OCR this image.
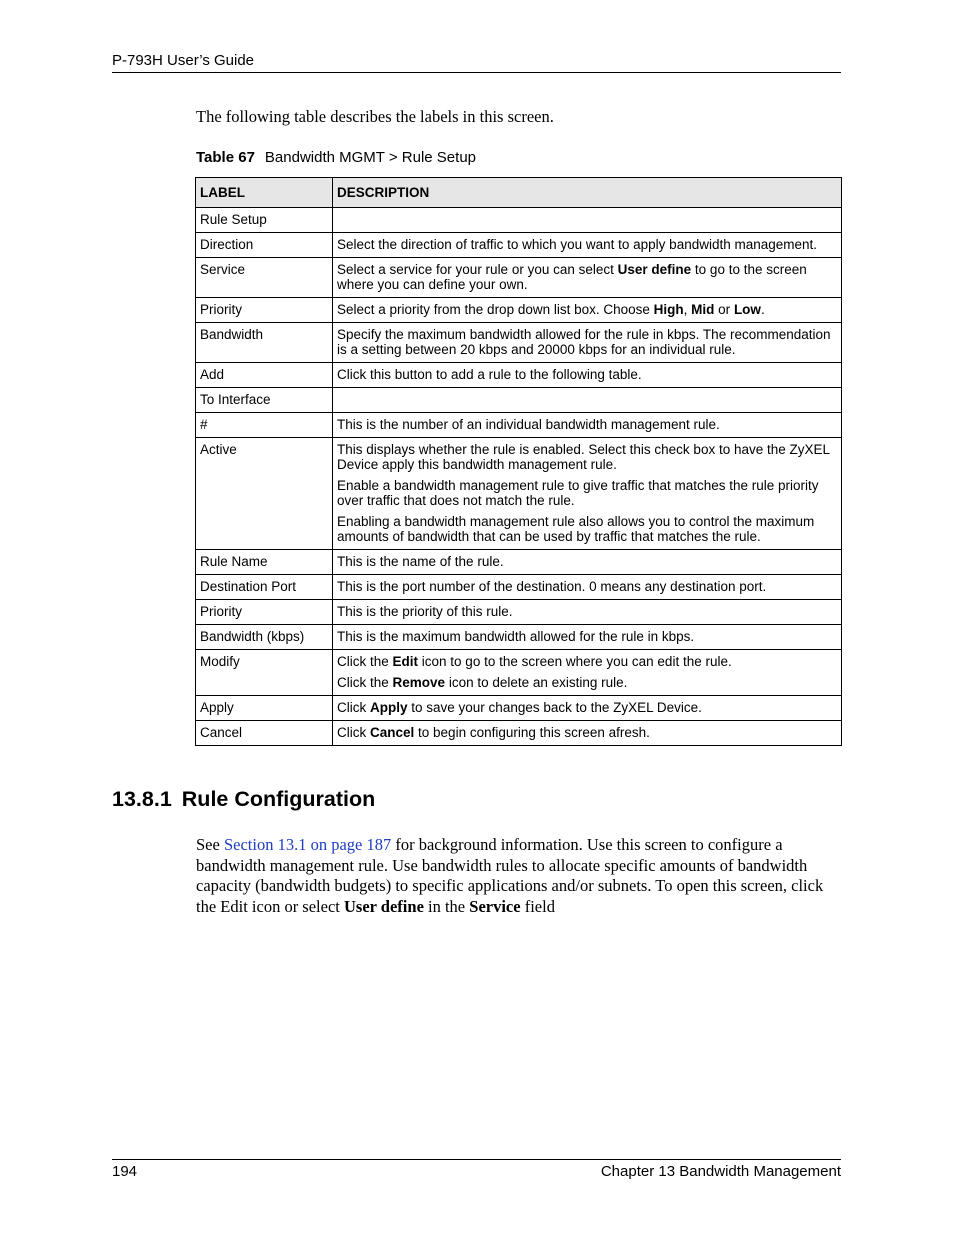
P-793H User’s Guide
The following table describes the labels in this screen.
Table 67 Bandwidth MGMT > Rule Setup
LABEL	DESCRIPTION
Rule Setup	

Direction	Select the direction of traffic to which you want to apply bandwidth management.

Service	Select a service for your rule or you can select User define to go to the screen where you can define your own.

Priority	Select a priority from the drop down list box. Choose High, Mid or Low.

Bandwidth	Specify the maximum bandwidth allowed for the rule in kbps. The recommendation is a setting between 20 kbps and 20000 kbps for an individual rule.

Add	Click this button to add a rule to the following table.

To Interface	

#	This is the number of an individual bandwidth management rule.

Active	This displays whether the rule is enabled. Select this check box to have the ZyXEL Device apply this bandwidth management rule.

Enable a bandwidth management rule to give traffic that matches the rule priority over traffic that does not match the rule.

Enabling a bandwidth management rule also allows you to control the maximum amounts of bandwidth that can be used by traffic that matches the rule.

Rule Name	This is the name of the rule.

Destination Port	This is the port number of the destination. 0 means any destination port.

Priority	This is the priority of this rule.

Bandwidth (kbps)	This is the maximum bandwidth allowed for the rule in kbps.

Modify	Click the Edit icon to go to the screen where you can edit the rule.

Click the Remove icon to delete an existing rule.

Apply	Click Apply to save your changes back to the ZyXEL Device.

Cancel	Click Cancel to begin configuring this screen afresh.

13.8.1 Rule Configuration
See Section 13.1 on page 187 for background information. Use this screen to configure a bandwidth management rule. Use bandwidth rules to allocate specific amounts of bandwidth capacity (bandwidth budgets) to specific applications and/or subnets. To open this screen, click the Edit icon or select User define in the Service field
194	Chapter 13 Bandwidth Management
